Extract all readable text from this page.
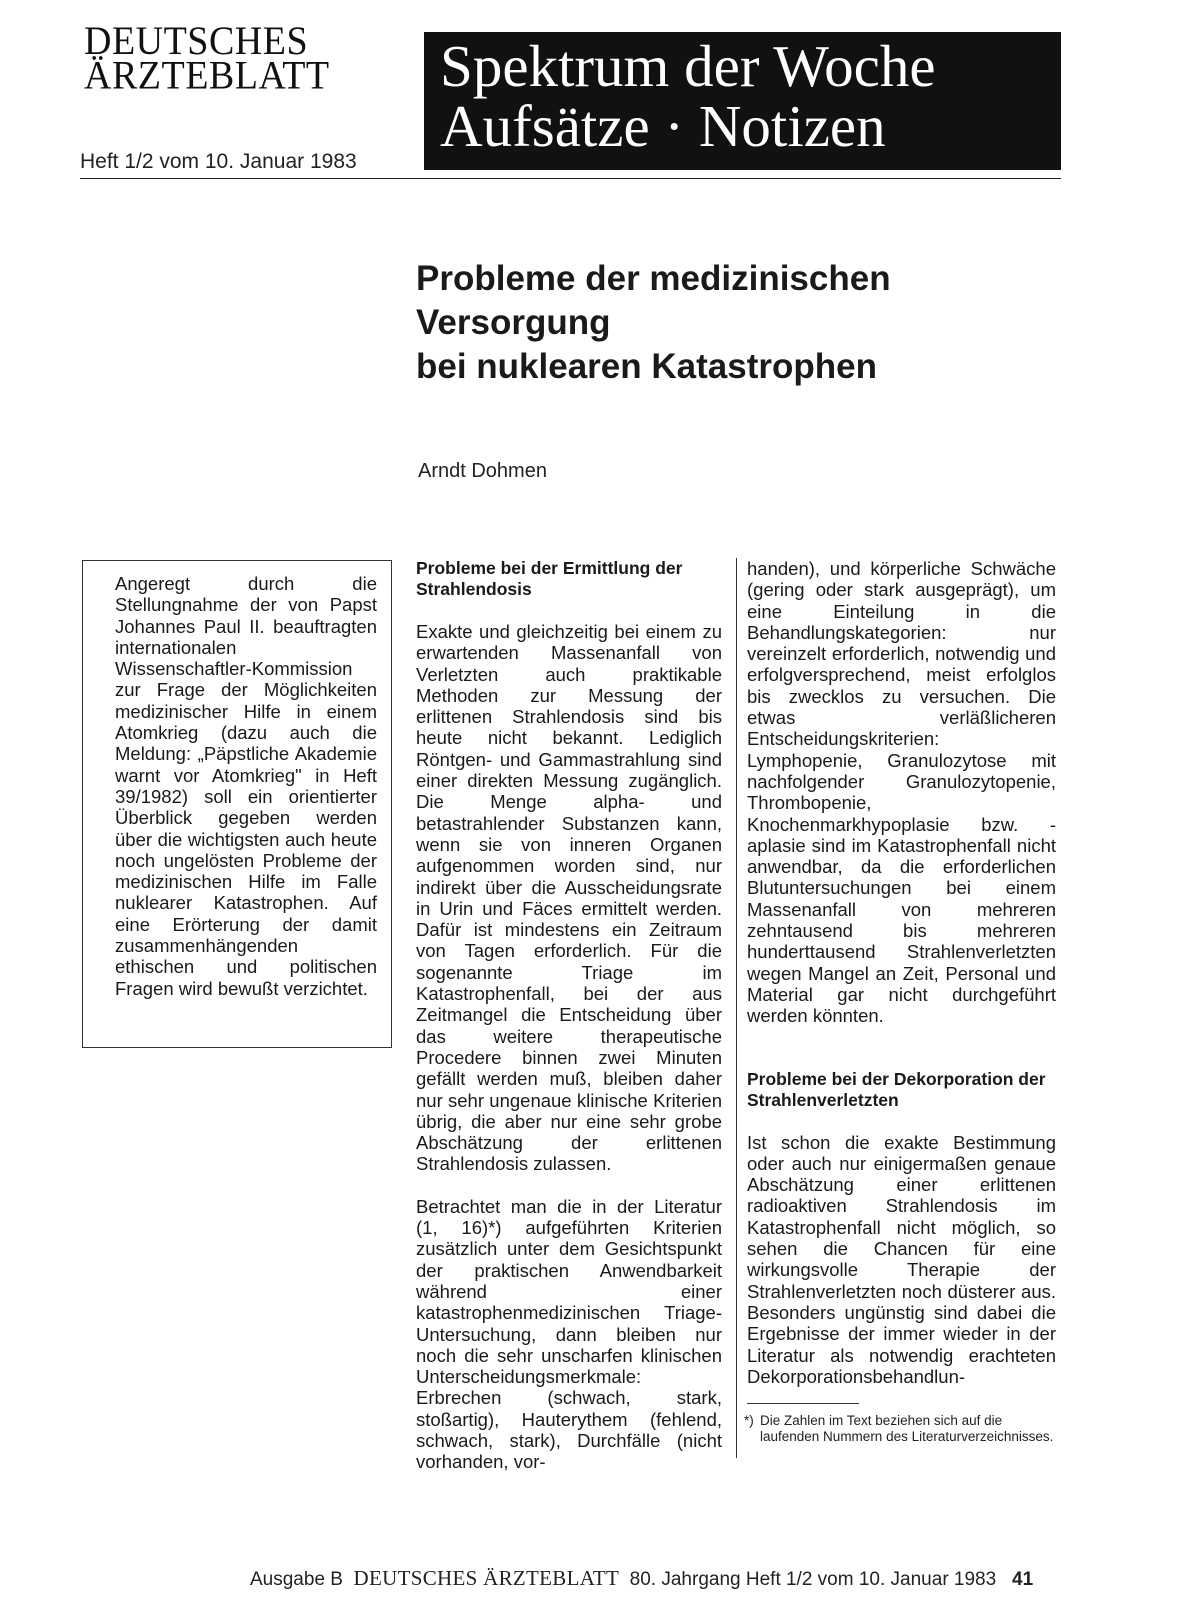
DEUTSCHES
ÄRZTEBLATT
Heft 1/2 vom 10. Januar 1983
Spektrum der Woche
Aufsätze · Notizen
Probleme der medizinischen
Versorgung
bei nuklearen Katastrophen
Arndt Dohmen
Angeregt durch die Stellungnahme der von Papst Johannes Paul II. beauftragten internationalen Wissenschaftler-Kommission zur Frage der Möglichkeiten medizinischer Hilfe in einem Atomkrieg (dazu auch die Meldung: „Päpstliche Akademie warnt vor Atomkrieg" in Heft 39/1982) soll ein orientierter Überblick gegeben werden über die wichtigsten auch heute noch ungelösten Probleme der medizinischen Hilfe im Falle nuklearer Katastrophen. Auf eine Erörterung der damit zusammenhängenden ethischen und politischen Fragen wird bewußt verzichtet.
Probleme bei der Ermittlung der Strahlendosis

Exakte und gleichzeitig bei einem zu erwartenden Massenanfall von Verletzten auch praktikable Methoden zur Messung der erlittenen Strahlendosis sind bis heute nicht bekannt. Lediglich Röntgen- und Gammastrahlung sind einer direkten Messung zugänglich. Die Menge alpha- und betastrahlender Substanzen kann, wenn sie von inneren Organen aufgenommen worden sind, nur indirekt über die Ausscheidungsrate in Urin und Fäces ermittelt werden. Dafür ist mindestens ein Zeitraum von Tagen erforderlich. Für die sogenannte Triage im Katastrophenfall, bei der aus Zeitmangel die Entscheidung über das weitere therapeutische Procedere binnen zwei Minuten gefällt werden muß, bleiben daher nur sehr ungenaue klinische Kriterien übrig, die aber nur eine sehr grobe Abschätzung der erlittenen Strahlendosis zulassen.

Betrachtet man die in der Literatur (1, 16)*) aufgeführten Kriterien zusätzlich unter dem Gesichtspunkt der praktischen Anwendbarkeit während einer katastrophenmedizinischen Triage-Untersuchung, dann bleiben nur noch die sehr unscharfen klinischen Unterscheidungsmerkmale: Erbrechen (schwach, stark, stoßartig), Hauterythem (fehlend, schwach, stark), Durchfälle (nicht vorhanden, vor-

handen), und körperliche Schwäche (gering oder stark ausgeprägt), um eine Einteilung in die Behandlungskategorien: nur vereinzelt erforderlich, notwendig und erfolgversprechend, meist erfolglos bis zwecklos zu versuchen. Die etwas verläßlicheren Entscheidungskriterien: Lymphopenie, Granulozytose mit nachfolgender Granulozytopenie, Thrombopenie, Knochenmarkhypoplasie bzw. -aplasie sind im Katastrophenfall nicht anwendbar, da die erforderlichen Blutuntersuchungen bei einem Massenanfall von mehreren zehntausend bis mehreren hunderttausend Strahlenverletzten wegen Mangel an Zeit, Personal und Material gar nicht durchgeführt werden könnten.

Probleme bei der Dekorporation der Strahlenverletzten

Ist schon die exakte Bestimmung oder auch nur einigermaßen genaue Abschätzung einer erlittenen radioaktiven Strahlendosis im Katastrophenfall nicht möglich, so sehen die Chancen für eine wirkungsvolle Therapie der Strahlenverletzten noch düsterer aus. Besonders ungünstig sind dabei die Ergebnisse der immer wieder in der Literatur als notwendig erachteten Dekorporationsbehandlun-

*) Die Zahlen im Text beziehen sich auf die laufenden Nummern des Literaturverzeichnisses.
Ausgabe B DEUTSCHES ÄRZTEBLATT 80. Jahrgang Heft 1/2 vom 10. Januar 1983 41
